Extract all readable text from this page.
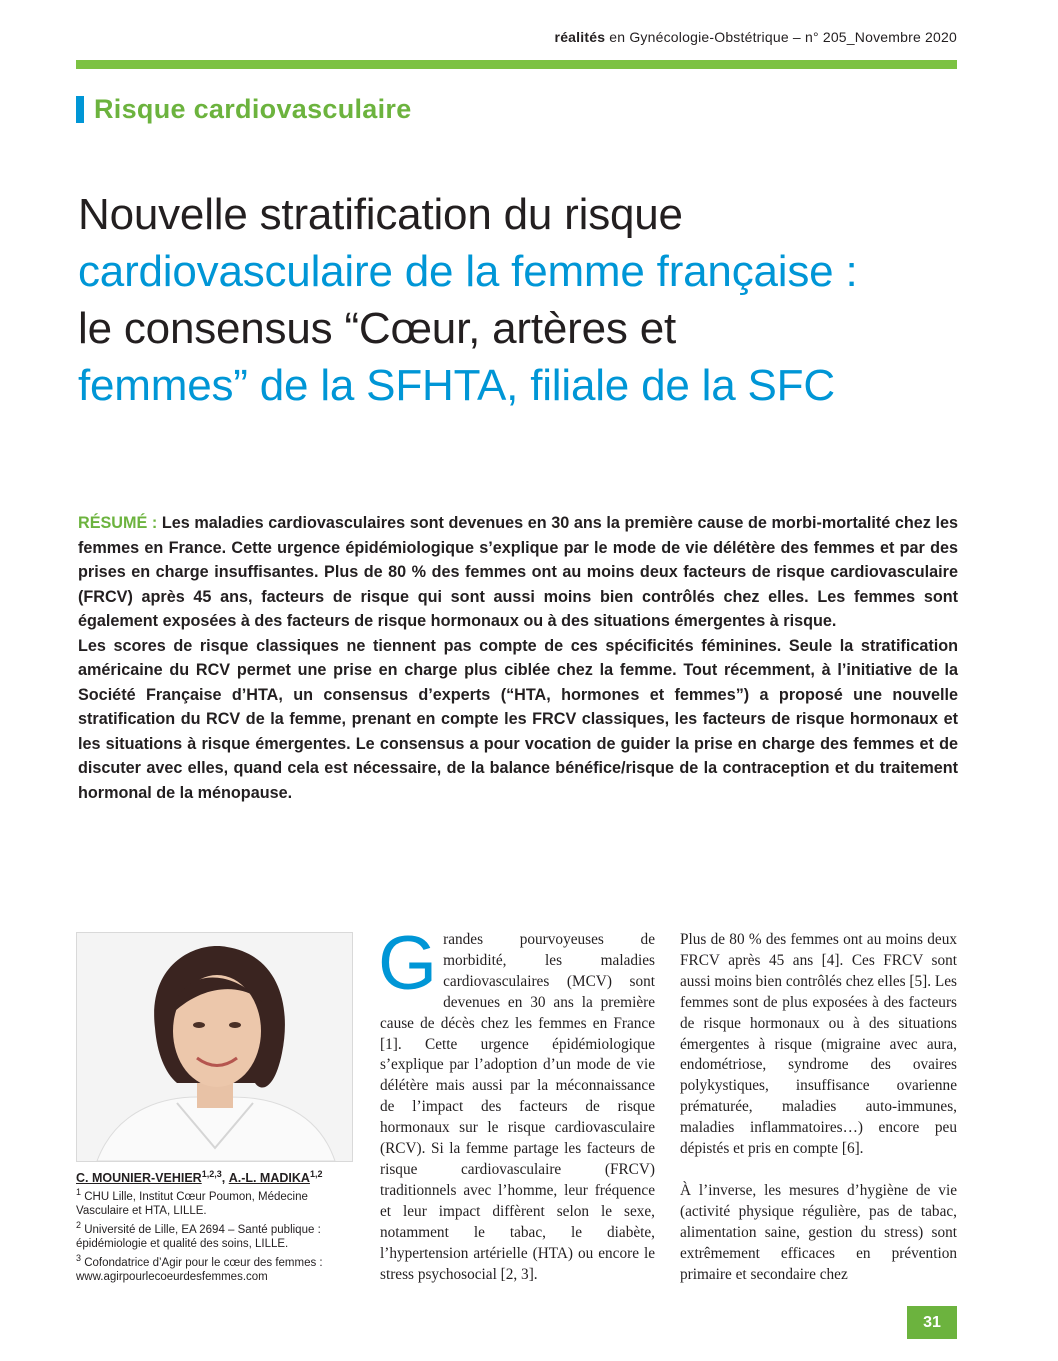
réalités en Gynécologie-Obstétrique – n° 205_Novembre 2020
Risque cardiovasculaire
Nouvelle stratification du risque
cardiovasculaire de la femme française :
le consensus “Cœur, artères et
femmes” de la SFHTA, filiale de la SFC

RÉSUMÉ : Les maladies cardiovasculaires sont devenues en 30 ans la première cause de morbi-mortalité chez les femmes en France. Cette urgence épidémiologique s’explique par le mode de vie délétère des femmes et par des prises en charge insuffisantes. Plus de 80 % des femmes ont au moins deux facteurs de risque cardiovasculaire (FRCV) après 45 ans, facteurs de risque qui sont aussi moins bien contrôlés chez elles. Les femmes sont également exposées à des facteurs de risque hormonaux ou à des situations émergentes à risque.

Les scores de risque classiques ne tiennent pas compte de ces spécificités féminines. Seule la stratification américaine du RCV permet une prise en charge plus ciblée chez la femme. Tout récemment, à l’initiative de la Société Française d’HTA, un consensus d’experts (“HTA, hormones et femmes”) a proposé une nouvelle stratification du RCV de la femme, prenant en compte les FRCV classiques, les facteurs de risque hormonaux et les situations à risque émergentes. Le consensus a pour vocation de guider la prise en charge des femmes et de discuter avec elles, quand cela est nécessaire, de la balance bénéfice/risque de la contraception et du traitement hormonal de la ménopause.

C. MOUNIER-VEHIER$^{1,2,3}$, A.-L. MADIKA$^{1,2}$
$^1$ CHU Lille, Institut Cœur Poumon, Médecine Vasculaire et HTA, LILLE.
$^2$ Université de Lille, EA 2694 – Santé publique : épidémiologie et qualité des soins, LILLE.
$^3$ Cofondatrice d’Agir pour le cœur des femmes : www.agirpourlecoeurdesfemmes.com

Grandes pourvoyeuses de morbidité, les maladies cardiovasculaires (MCV) sont devenues en 30 ans la première cause de décès chez les femmes en France [1]. Cette urgence épidémiologique s’explique par l’adoption d’un mode de vie délétère mais aussi par la méconnaissance de l’impact des facteurs de risque hormonaux sur le risque cardiovasculaire (RCV). Si la femme partage les facteurs de risque cardiovasculaire (FRCV) traditionnels avec l’homme, leur fréquence et leur impact diffèrent selon le sexe, notamment le tabac, le diabète, l’hypertension artérielle (HTA) ou encore le stress psychosocial [2, 3].

Plus de 80 % des femmes ont au moins deux FRCV après 45 ans [4]. Ces FRCV sont aussi moins bien contrôlés chez elles [5]. Les femmes sont de plus exposées à des facteurs de risque hormonaux ou à des situations émergentes à risque (migraine avec aura, endométriose, syndrome des ovaires polykystiques, insuffisance ovarienne prématurée, maladies auto-immunes, maladies inflammatoires…) encore peu dépistés et pris en compte [6].

À l’inverse, les mesures d’hygiène de vie (activité physique régulière, pas de tabac, alimentation saine, gestion du stress) sont extrêmement efficaces en prévention primaire et secondaire chez

31
